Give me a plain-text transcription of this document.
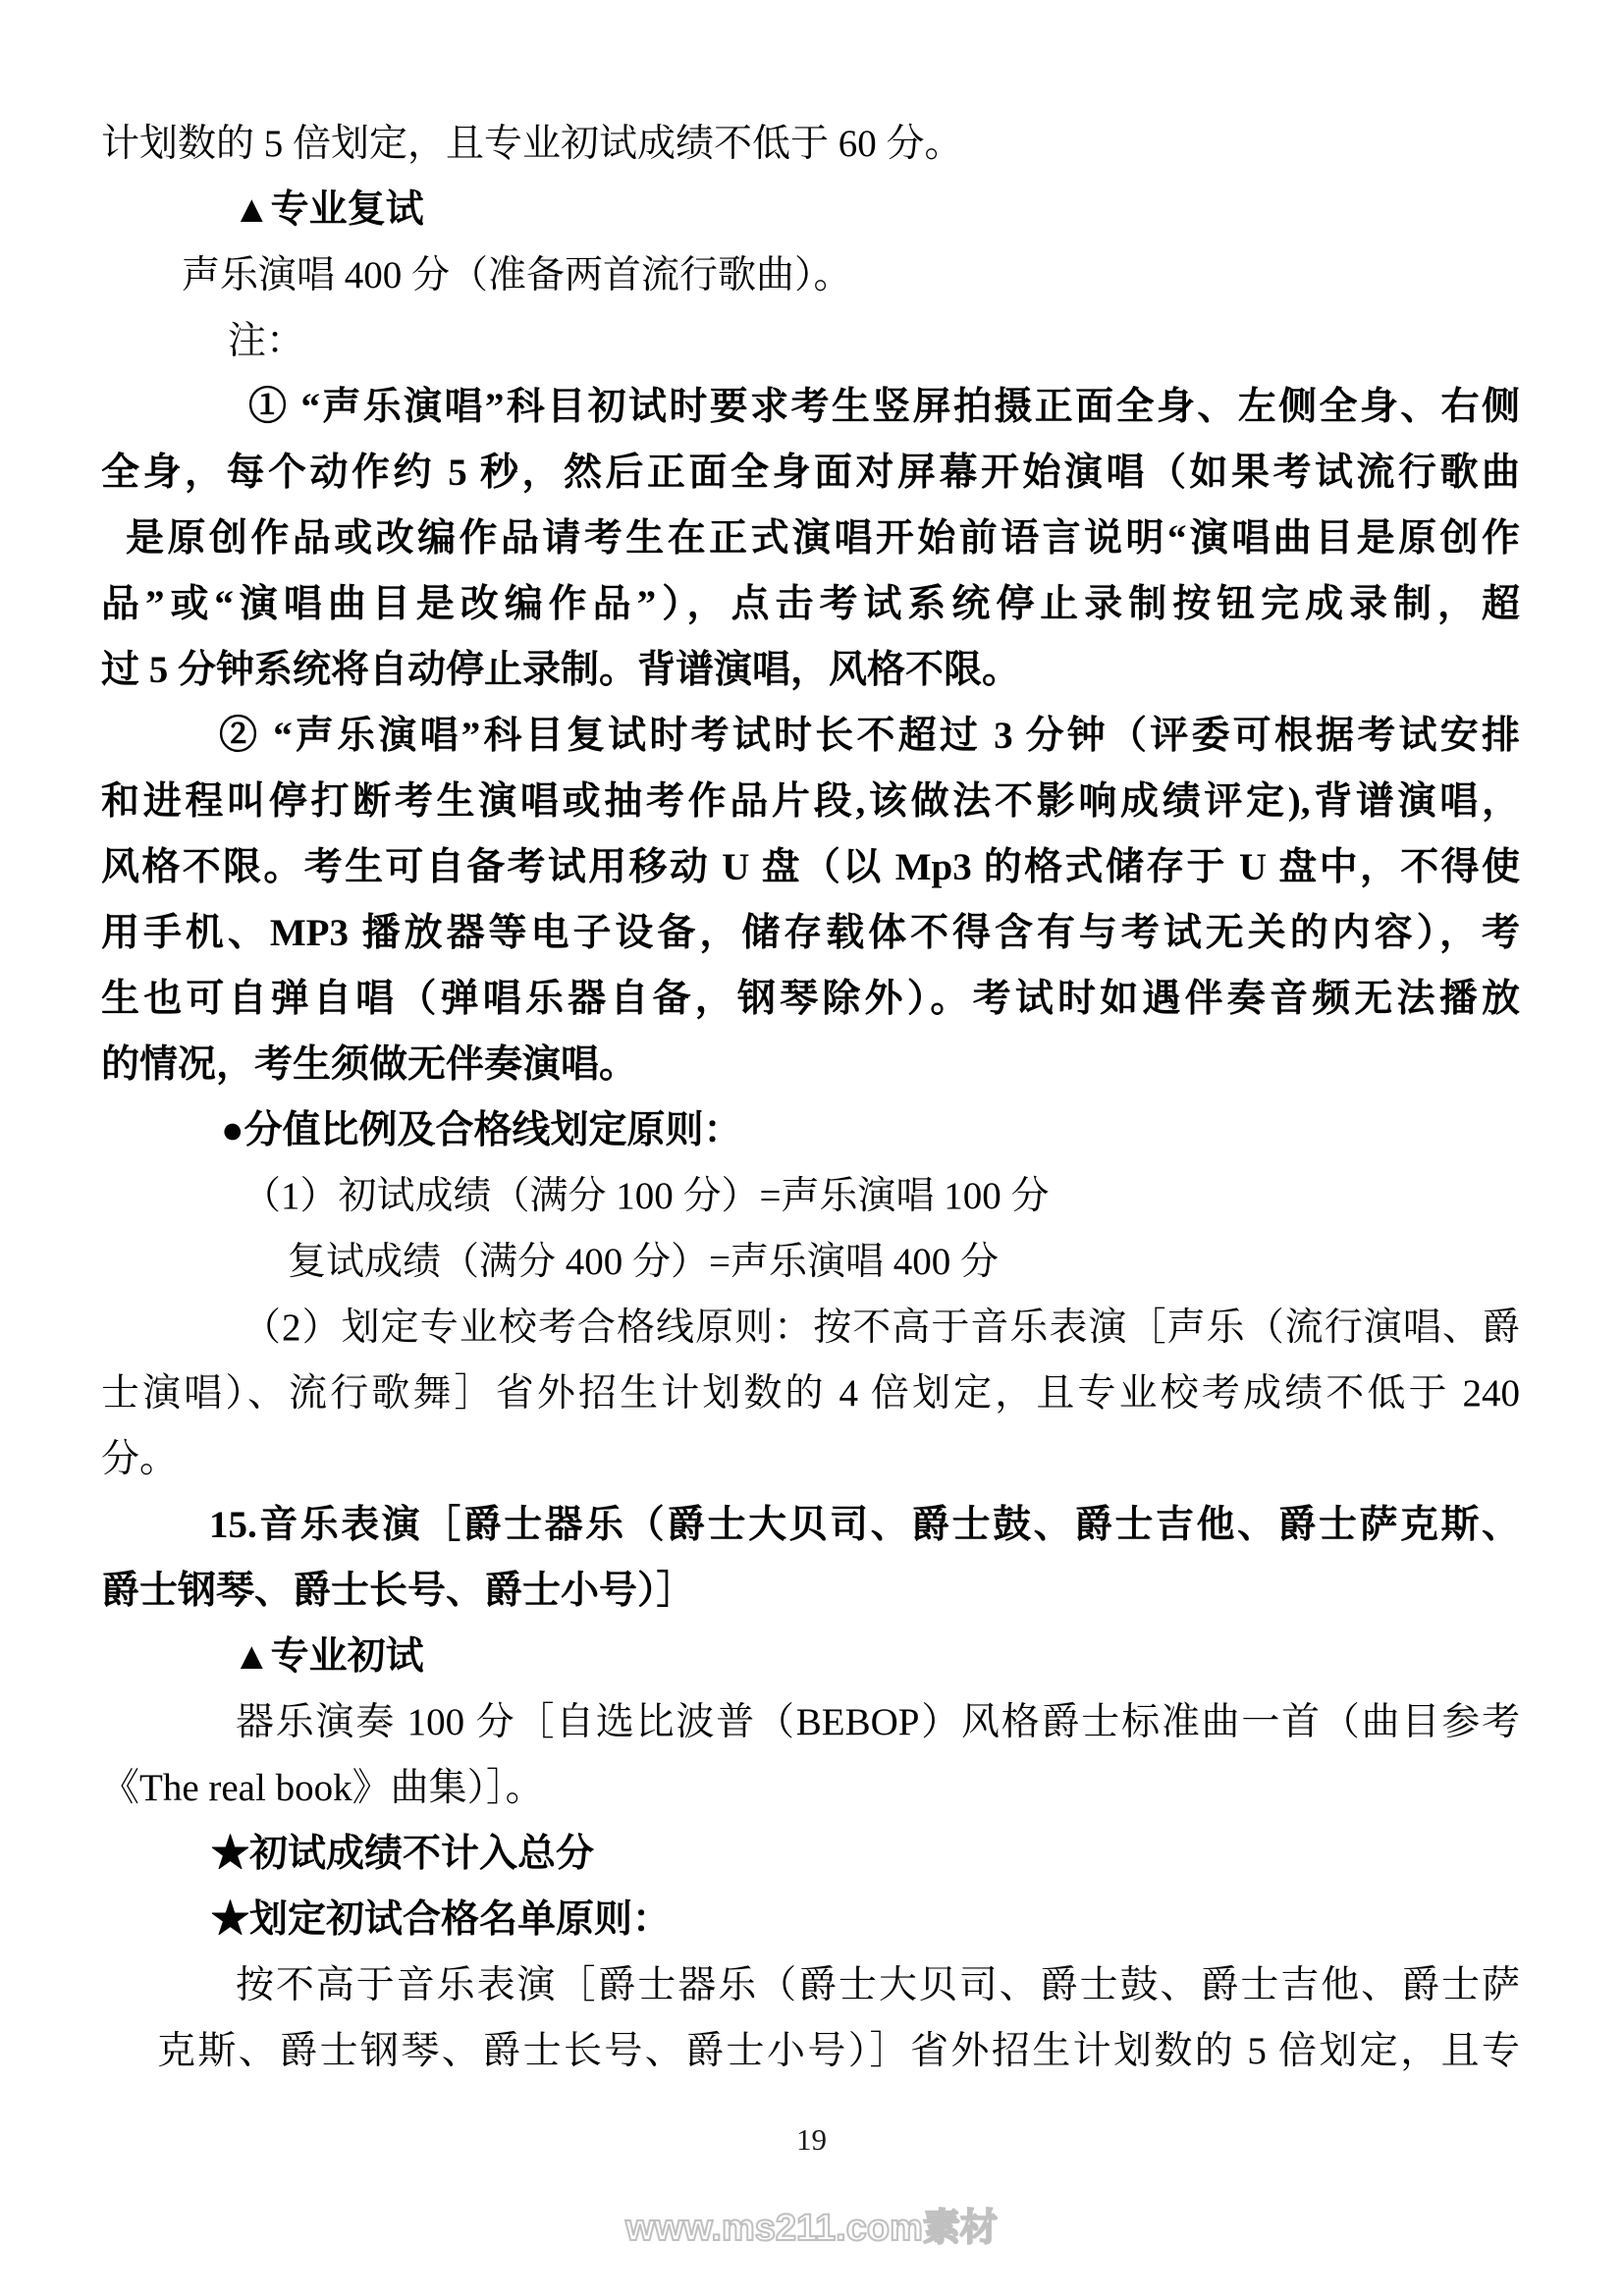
计划数的 5 倍划定，且专业初试成绩不低于 60 分。
▲专业复试
声乐演唱 400 分（准备两首流行歌曲）。
注：
① “声乐演唱”科目初试时要求考生竖屏拍摄正面全身、左侧全身、右侧
全身，每个动作约 5 秒，然后正面全身面对屏幕开始演唱（如果考试流行歌曲
是原创作品或改编作品请考生在正式演唱开始前语言说明“演唱曲目是原创作
品”或“演唱曲目是改编作品”），点击考试系统停止录制按钮完成录制，超
过 5 分钟系统将自动停止录制。背谱演唱，风格不限。
② “声乐演唱”科目复试时考试时长不超过 3 分钟（评委可根据考试安排
和进程叫停打断考生演唱或抽考作品片段,该做法不影响成绩评定),背谱演唱，
风格不限。考生可自备考试用移动 U 盘（以 Mp3 的格式储存于 U 盘中，不得使
用手机、MP3 播放器等电子设备，储存载体不得含有与考试无关的内容），考
生也可自弹自唱（弹唱乐器自备，钢琴除外）。考试时如遇伴奏音频无法播放
的情况，考生须做无伴奏演唱。
●分值比例及合格线划定原则：
（1）初试成绩（满分 100 分）=声乐演唱 100 分
复试成绩（满分 400 分）=声乐演唱 400 分
（2）划定专业校考合格线原则：按不高于音乐表演［声乐（流行演唱、爵
士演唱）、流行歌舞］省外招生计划数的 4 倍划定，且专业校考成绩不低于 240
分。
15.音乐表演［爵士器乐（爵士大贝司、爵士鼓、爵士吉他、爵士萨克斯、
爵士钢琴、爵士长号、爵士小号）］
▲专业初试
器乐演奏 100 分［自选比波普（BEBOP）风格爵士标准曲一首（曲目参考
《The real book》曲集）］。
★初试成绩不计入总分
★划定初试合格名单原则：
按不高于音乐表演［爵士器乐（爵士大贝司、爵士鼓、爵士吉他、爵士萨
克斯、爵士钢琴、爵士长号、爵士小号）］省外招生计划数的 5 倍划定，且专
19
www.ms211.com素材
